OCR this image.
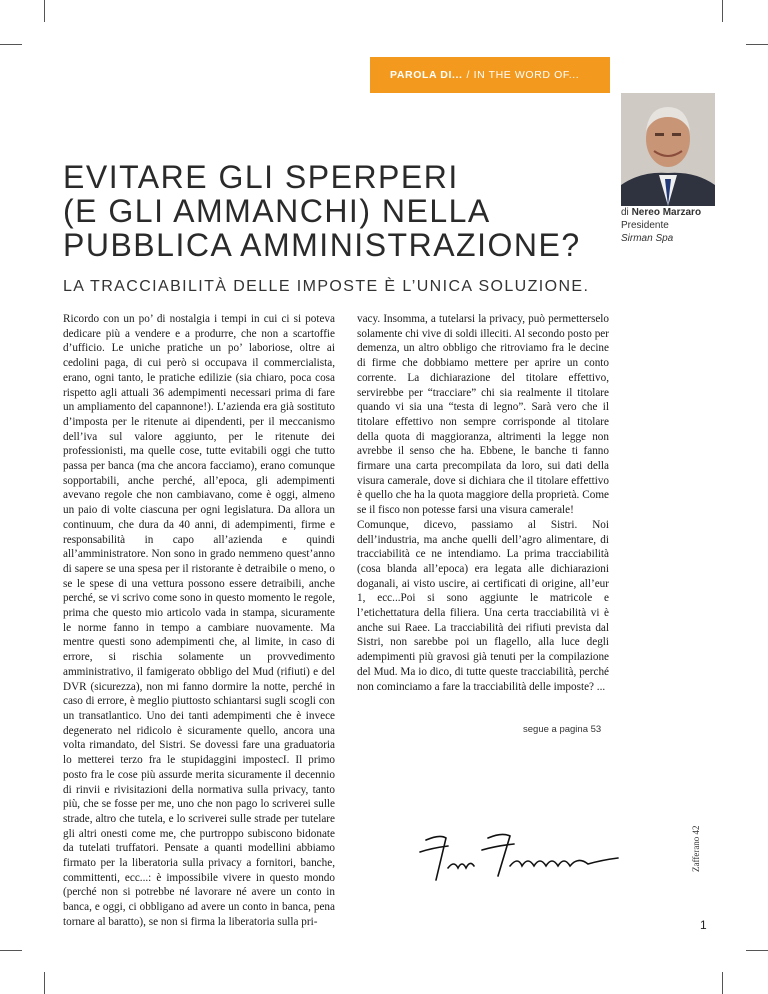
PAROLA DI... / IN THE WORD OF...
EVITARE GLI SPERPERI
(E GLI AMMANCHI) NELLA
PUBBLICA AMMINISTRAZIONE?
di Nereo Marzaro
Presidente
Sirman Spa
LA TRACCIABILITÀ DELLE IMPOSTE È L’UNICA SOLUZIONE.

Ricordo con un po’ di nostalgia i tempi in cui ci si poteva dedicare più a vendere e a produrre, che non a scartoffie d’ufficio. Le uniche pratiche un po’ laboriose, oltre ai cedolini paga, di cui però si occupava il commercialista, erano, ogni tanto, le pratiche edilizie (sia chiaro, poca cosa rispetto agli attuali 36 adempimenti necessari prima di fare un ampliamento del capannone!). L’azienda era già sostituto d’imposta per le ritenute ai dipendenti, per il meccanismo dell’iva sul valore aggiunto, per le ritenute dei professionisti, ma quelle cose, tutte evitabili oggi che tutto passa per banca (ma che ancora facciamo), erano comunque sopportabili, anche perché, all’epoca, gli adempimenti avevano regole che non cambiavano, come è oggi, almeno un paio di volte ciascuna per ogni legislatura. Da allora un continuum, che dura da 40 anni, di adempimenti, firme e responsabilità in capo all’azienda e quindi all’amministratore. Non sono in grado nemmeno quest’anno di sapere se una spesa per il ristorante è detraibile o meno, o se le spese di una vettura possono essere detraibili, anche perché, se vi scrivo come sono in questo momento le regole, prima che questo mio articolo vada in stampa, sicuramente le norme fanno in tempo a cambiare nuovamente. Ma mentre questi sono adempimenti che, al limite, in caso di errore, si rischia solamente un provvedimento amministrativo, il famigerato obbligo del Mud (rifiuti) e del DVR (sicurezza), non mi fanno dormire la notte, perché in caso di errore, è meglio piuttosto schiantarsi sugli scogli con un transatlantico. Uno dei tanti adempimenti che è invece degenerato nel ridicolo è sicuramente quello, ancora una volta rimandato, del Sistri. Se dovessi fare una graduatoria lo metterei terzo fra le stupidaggini impostecI. Il primo posto fra le cose più assurde merita sicuramente il decennio di rinvii e rivisitazioni della normativa sulla privacy, tanto più, che se fosse per me, uno che non pago lo scriverei sulle strade, altro che tutela, e lo scriverei sulle strade per tutelare gli altri onesti come me, che purtroppo subiscono bidonate da tutelati truffatori. Pensate a quanti modellini abbiamo firmato per la liberatoria sulla privacy a fornitori, banche, committenti, ecc...: è impossibile vivere in questo mondo (perché non si potrebbe né lavorare né avere un conto in banca, e oggi, ci obbligano ad avere un conto in banca, pena tornare al baratto), se non si firma la liberatoria sulla pri-

vacy. Insomma, a tutelarsi la privacy, può permetterselo solamente chi vive di soldi illeciti. Al secondo posto per demenza, un altro obbligo che ritroviamo fra le decine di firme che dobbiamo mettere per aprire un conto corrente. La dichiarazione del titolare effettivo, servirebbe per “tracciare” chi sia realmente il titolare quando vi sia una “testa di legno”. Sarà vero che il titolare effettivo non sempre corrisponde al titolare della quota di maggioranza, altrimenti la legge non avrebbe il senso che ha. Ebbene, le banche ti fanno firmare una carta precompilata da loro, sui dati della visura camerale, dove si dichiara che il titolare effettivo è quello che ha la quota maggiore della proprietà. Come se il fisco non potesse farsi una visura camerale!

Comunque, dicevo, passiamo al Sistri. Noi dell’industria, ma anche quelli dell’agro alimentare, di tracciabilità ce ne intendiamo. La prima tracciabilità (cosa blanda all’epoca) era legata alle dichiarazioni doganali, ai visto uscire, ai certificati di origine, all’eur 1, ecc...Poi si sono aggiunte le matricole e l’etichettatura della filiera. Una certa tracciabilità vi è anche sui Raee. La tracciabilità dei rifiuti prevista dal Sistri, non sarebbe poi un flagello, alla luce degli adempimenti più gravosi già tenuti per la compilazione del Mud. Ma io dico, di tutte queste tracciabilità, perché non cominciamo a fare la tracciabilità delle imposte? ...

segue a pagina 53
Zafferano 42
1
